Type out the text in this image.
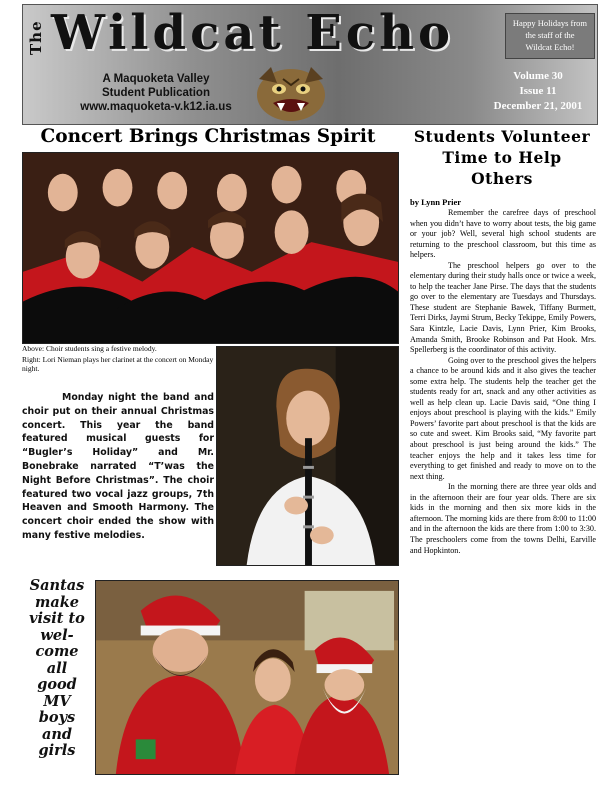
The Wildcat Echo
A Maquoketa Valley
Student Publication
www.maquoketa-v.k12.ia.us
Happy Holidays from
the staff of the
Wildcat Echo!
Volume 30
Issue 11
December 21, 2001
Concert Brings Christmas Spirit

Above: Choir students sing a festive melody.

Right: Lori Nieman plays her clarinet at the concert on Monday night.

Monday night the band and choir put on their annual Christmas concert. This year the band featured musical guests for “Bugler’s Holiday” and Mr. Bonebrake narrated “T’was the Night Before Christmas”. The choir featured two vocal jazz groups, 7th Heaven and Smooth Harmony. The concert choir ended the show with many festive melodies.
Santas
make
visit to
wel-
come
all
good
MV
boys
and
girls
Students Volunteer
Time to Help
Others
by Lynn Prier

Remember the carefree days of preschool when you didn’t have to worry about tests, the big game or your job? Well, several high school students are returning to the preschool classroom, but this time as helpers.

The preschool helpers go over to the elementary during their study halls once or twice a week, to help the teacher Jane Pirse. The days that the students go over to the elementary are Tuesdays and Thursdays. These student are Stephanie Bawek, Tiffany Burmett, Terri Dirks, Jaymi Strum, Becky Tekippe, Emily Powers, Sara Kintzle, Lacie Davis, Lynn Prier, Kim Brooks, Amanda Smith, Brooke Robinson and Pat Hook. Mrs. Spellerberg is the coordinator of this activity.

Going over to the preschool gives the helpers a chance to be around kids and it also gives the teacher some extra help. The students help the teacher get the students ready for art, snack and any other activities as well as help clean up. Lacie Davis said, “One thing I enjoys about preschool is playing with the kids.” Emily Powers’ favorite part about preschool is that the kids are so cute and sweet. Kim Brooks said, “My favorite part about preschool is just being around the kids.” The teacher enjoys the help and it takes less time for everything to get finished and ready to move on to the next thing.

In the morning there are three year olds and in the afternoon their are four year olds. There are six kids in the morning and then six more kids in the afternoon. The morning kids are there from 8:00 to 11:00 and in the afternoon the kids are there from 1:00 to 3:30. The preschoolers come from the towns Delhi, Earville and Hopkinton.
